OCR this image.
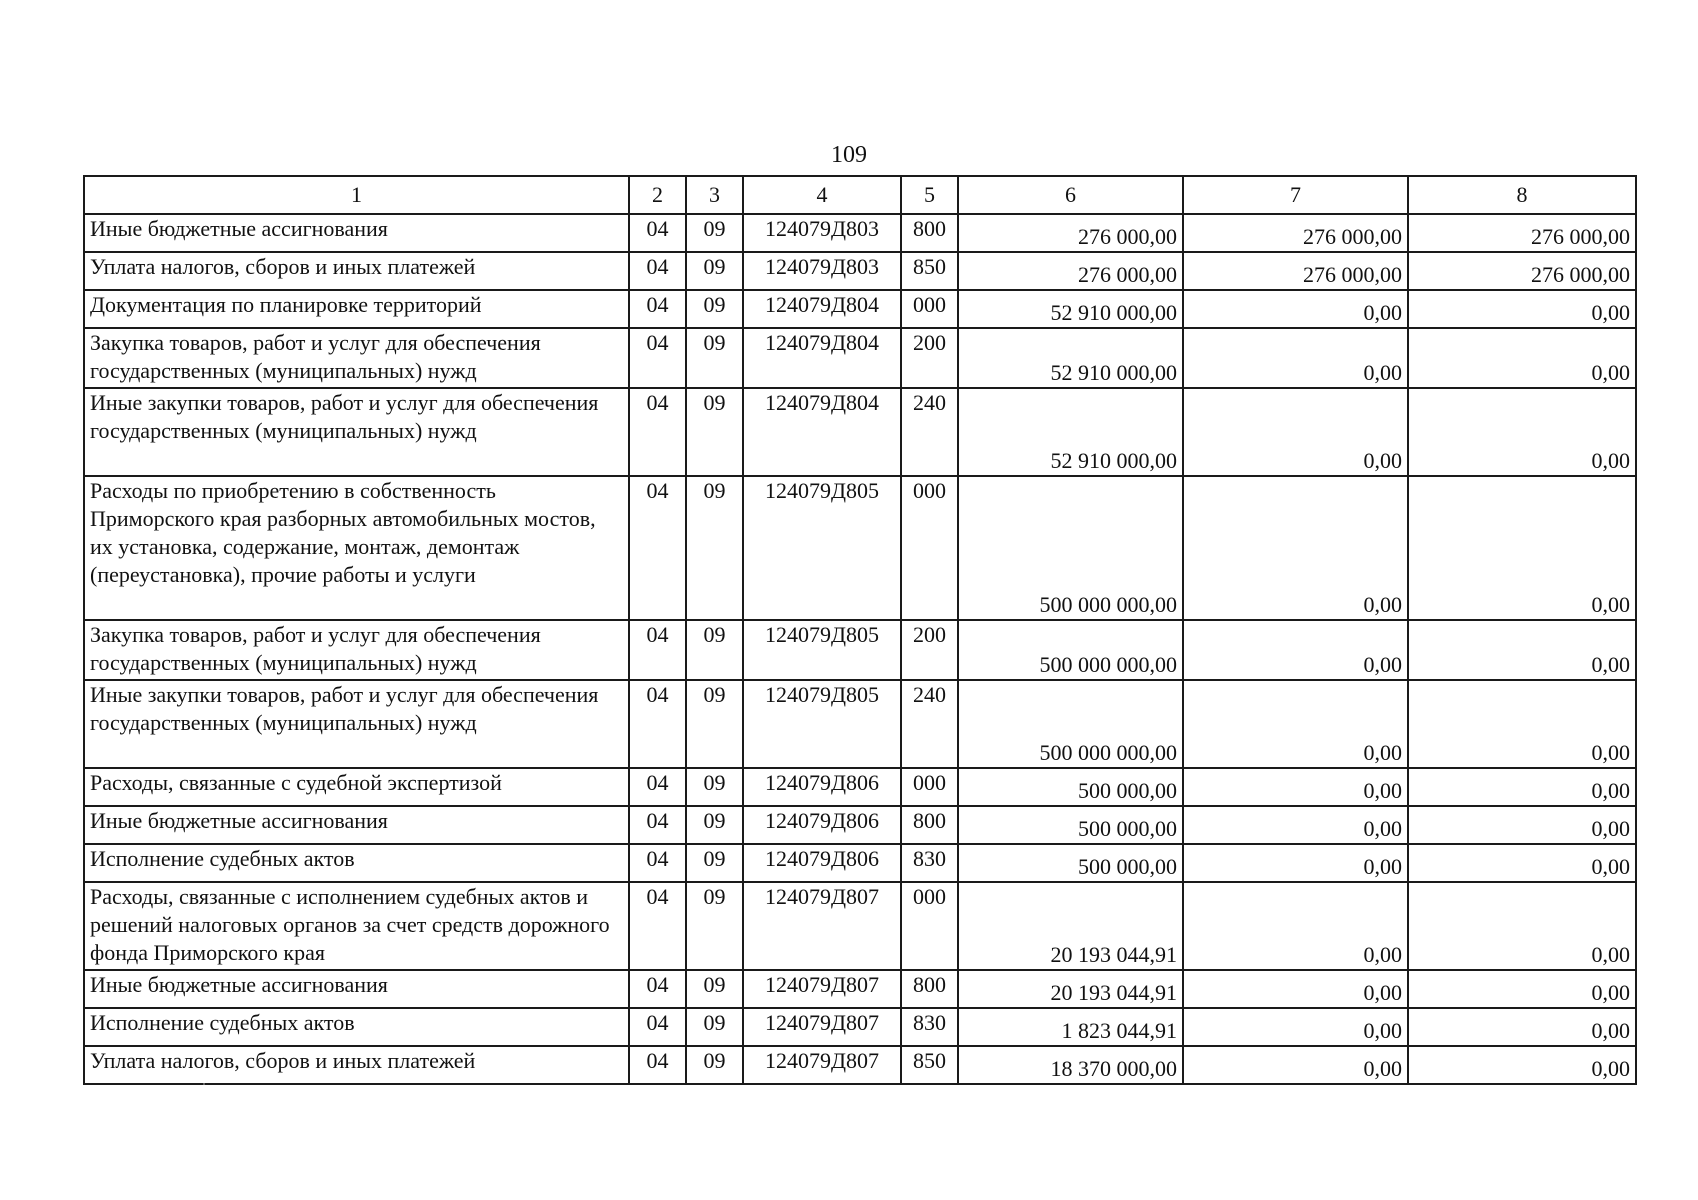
109
1	2	3	4	5	6	7	8
Иные бюджетные ассигнования	04	09	124079Д803	800	276 000,00	276 000,00	276 000,00
Уплата налогов, сборов и иных платежей	04	09	124079Д803	850	276 000,00	276 000,00	276 000,00
Документация по планировке территорий	04	09	124079Д804	000	52 910 000,00	0,00	0,00
Закупка товаров, работ и услуг для обеспечения государственных (муниципальных) нужд	04	09	124079Д804	200	52 910 000,00	0,00	0,00
Иные закупки товаров, работ и услуг для обеспечения государственных (муниципальных) нужд	04	09	124079Д804	240	52 910 000,00	0,00	0,00
Расходы по приобретению в собственность Приморского края разборных автомобильных мостов, их установка, содержание, монтаж, демонтаж (переустановка), прочие работы и услуги	04	09	124079Д805	000	500 000 000,00	0,00	0,00
Закупка товаров, работ и услуг для обеспечения государственных (муниципальных) нужд	04	09	124079Д805	200	500 000 000,00	0,00	0,00
Иные закупки товаров, работ и услуг для обеспечения государственных (муниципальных) нужд	04	09	124079Д805	240	500 000 000,00	0,00	0,00
Расходы, связанные с судебной экспертизой	04	09	124079Д806	000	500 000,00	0,00	0,00
Иные бюджетные ассигнования	04	09	124079Д806	800	500 000,00	0,00	0,00
Исполнение судебных актов	04	09	124079Д806	830	500 000,00	0,00	0,00
Расходы, связанные с исполнением судебных актов и решений налоговых органов за счет средств дорожного фонда Приморского края	04	09	124079Д807	000	20 193 044,91	0,00	0,00
Иные бюджетные ассигнования	04	09	124079Д807	800	20 193 044,91	0,00	0,00
Исполнение судебных актов	04	09	124079Д807	830	1 823 044,91	0,00	0,00
Уплата налогов, сборов и иных платежей	04	09	124079Д807	850	18 370 000,00	0,00	0,00
